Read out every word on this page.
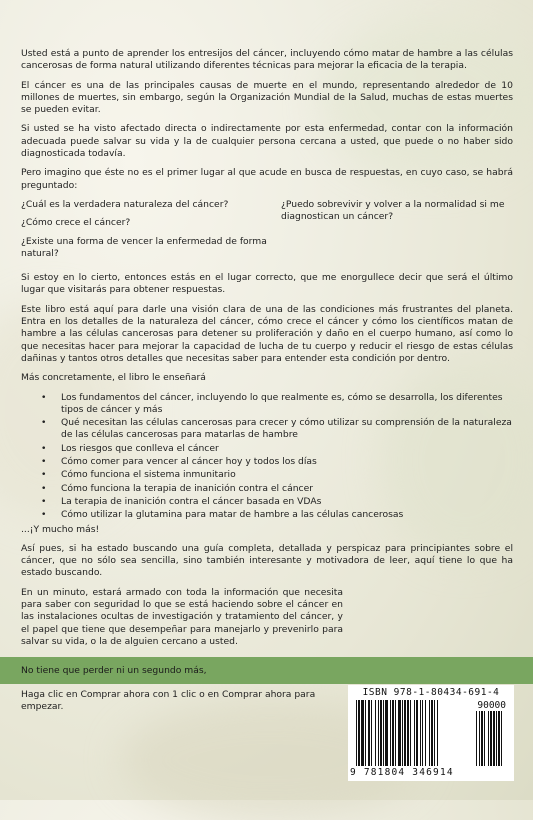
Usted está a punto de aprender los entresijos del cáncer, incluyendo cómo matar de hambre a las células cancerosas de forma natural utilizando diferentes técnicas para mejorar la eficacia de la terapia.

El cáncer es una de las principales causas de muerte en el mundo, representando alrededor de 10 millones de muertes, sin embargo, según la Organización Mundial de la Salud, muchas de estas muertes se pueden evitar.

Si usted se ha visto afectado directa o indirectamente por esta enfermedad, contar con la información adecuada puede salvar su vida y la de cualquier persona cercana a usted, que puede o no haber sido diagnosticada todavía.

Pero imagino que éste no es el primer lugar al que acude en busca de respuestas, en cuyo caso, se habrá preguntado:

¿Cuál es la verdadera naturaleza del cáncer?

¿Cómo crece el cáncer?

¿Existe una forma de vencer la enfermedad de forma natural?

¿Puedo sobrevivir y volver a la normalidad si me diagnostican un cáncer?

Si estoy en lo cierto, entonces estás en el lugar correcto, que me enorgullece decir que será el último lugar que visitarás para obtener respuestas.

Este libro está aquí para darle una visión clara de una de las condiciones más frustrantes del planeta. Entra en los detalles de la naturaleza del cáncer, cómo crece el cáncer y cómo los científicos matan de hambre a las células cancerosas para detener su proliferación y daño en el cuerpo humano, así como lo que necesitas hacer para mejorar la capacidad de lucha de tu cuerpo y reducir el riesgo de estas células dañinas y tantos otros detalles que necesitas saber para entender esta condición por dentro.

Más concretamente, el libro le enseñará

• Los fundamentos del cáncer, incluyendo lo que realmente es, cómo se desarrolla, los diferentes tipos de cáncer y más
• Qué necesitan las células cancerosas para crecer y cómo utilizar su comprensión de la naturaleza de las células cancerosas para matarlas de hambre
• Los riesgos que conlleva el cáncer
• Cómo comer para vencer al cáncer hoy y todos los días
• Cómo funciona el sistema inmunitario
• Cómo funciona la terapia de inanición contra el cáncer
• La terapia de inanición contra el cáncer basada en VDAs
• Cómo utilizar la glutamina para matar de hambre a las células cancerosas

...¡Y mucho más!

Así pues, si ha estado buscando una guía completa, detallada y perspicaz para principiantes sobre el cáncer, que no sólo sea sencilla, sino también interesante y motivadora de leer, aquí tiene lo que ha estado buscando.

En un minuto, estará armado con toda la información que necesita para saber con seguridad lo que se está haciendo sobre el cáncer en las instalaciones ocultas de investigación y tratamiento del cáncer, y el papel que tiene que desempeñar para manejarlo y prevenirlo para salvar su vida, o la de alguien cercano a usted.

No tiene que perder ni un segundo más,
Haga clic en Comprar ahora con 1 clic o en Comprar ahora para empezar.
ISBN 978-1-80434-691-4
90000
9 781804 346914
